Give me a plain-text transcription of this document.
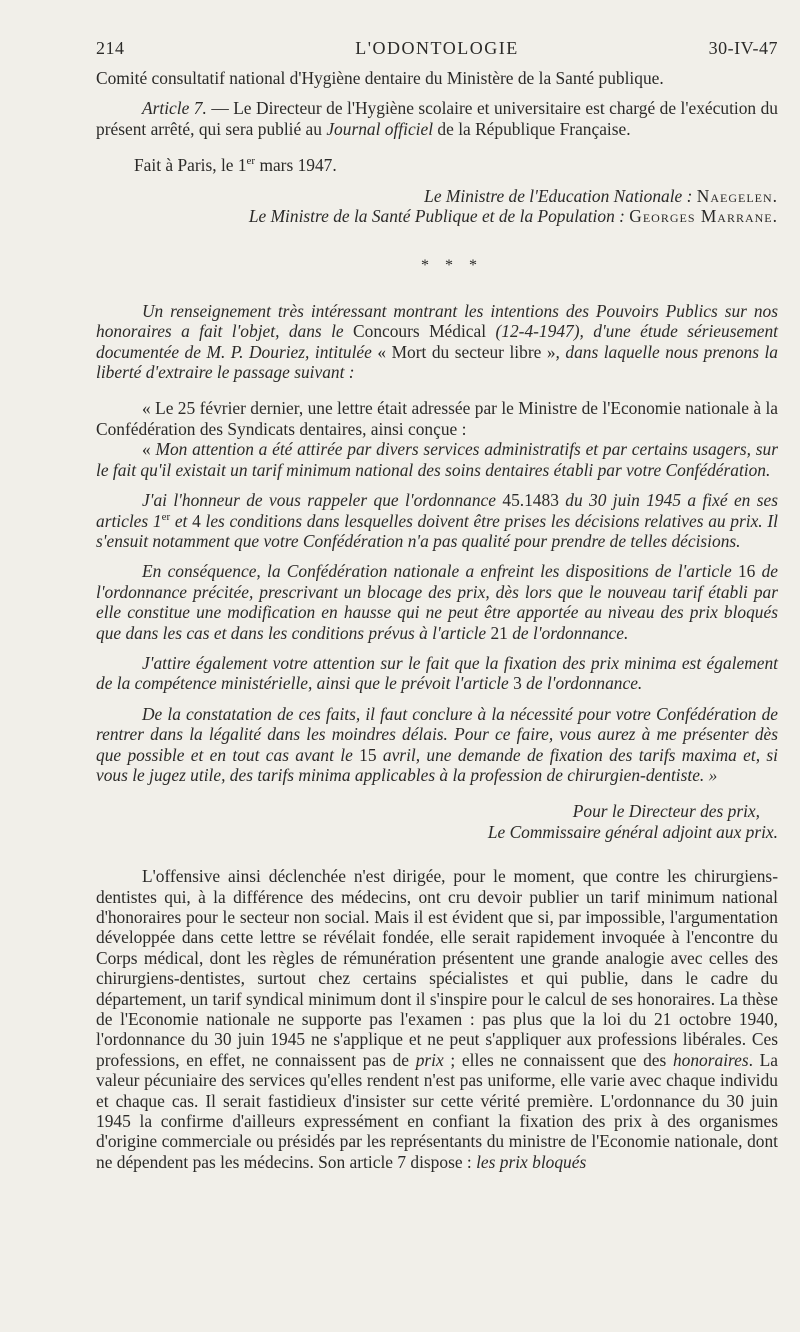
214	L'ODONTOLOGIE	30-IV-47

Comité consultatif national d'Hygiène dentaire du Ministère de la Santé publique.

Article 7. — Le Directeur de l'Hygiène scolaire et universitaire est chargé de l'exécution du présent arrêté, qui sera publié au Journal officiel de la République Française.

Fait à Paris, le 1er mars 1947.

Le Ministre de l'Education Nationale : Naegelen.

Le Ministre de la Santé Publique et de la Population : Georges Marrane.

* * *

Un renseignement très intéressant montrant les intentions des Pouvoirs Publics sur nos honoraires a fait l'objet, dans le Concours Médical (12-4-1947), d'une étude sérieusement documentée de M. P. Douriez, intitulée « Mort du secteur libre », dans laquelle nous prenons la liberté d'extraire le passage suivant :

« Le 25 février dernier, une lettre était adressée par le Ministre de l'Economie nationale à la Confédération des Syndicats dentaires, ainsi conçue :

« Mon attention a été attirée par divers services administratifs et par certains usagers, sur le fait qu'il existait un tarif minimum national des soins dentaires établi par votre Confédération.

J'ai l'honneur de vous rappeler que l'ordonnance 45.1483 du 30 juin 1945 a fixé en ses articles 1er et 4 les conditions dans lesquelles doivent être prises les décisions relatives au prix. Il s'ensuit notamment que votre Confédération n'a pas qualité pour prendre de telles décisions.

En conséquence, la Confédération nationale a enfreint les dispositions de l'article 16 de l'ordonnance précitée, prescrivant un blocage des prix, dès lors que le nouveau tarif établi par elle constitue une modification en hausse qui ne peut être apportée au niveau des prix bloqués que dans les cas et dans les conditions prévus à l'article 21 de l'ordonnance.

J'attire également votre attention sur le fait que la fixation des prix minima est également de la compétence ministérielle, ainsi que le prévoit l'article 3 de l'ordonnance.

De la constatation de ces faits, il faut conclure à la nécessité pour votre Confédération de rentrer dans la légalité dans les moindres délais. Pour ce faire, vous aurez à me présenter dès que possible et en tout cas avant le 15 avril, une demande de fixation des tarifs maxima et, si vous le jugez utile, des tarifs minima applicables à la profession de chirurgien-dentiste. »

Pour le Directeur des prix,

Le Commissaire général adjoint aux prix.

L'offensive ainsi déclenchée n'est dirigée, pour le moment, que contre les chirurgiens-dentistes qui, à la différence des médecins, ont cru devoir publier un tarif minimum national d'honoraires pour le secteur non social. Mais il est évident que si, par impossible, l'argumentation développée dans cette lettre se révélait fondée, elle serait rapidement invoquée à l'encontre du Corps médical, dont les règles de rémunération présentent une grande analogie avec celles des chirurgiens-dentistes, surtout chez certains spécialistes et qui publie, dans le cadre du département, un tarif syndical minimum dont il s'inspire pour le calcul de ses honoraires. La thèse de l'Economie nationale ne supporte pas l'examen : pas plus que la loi du 21 octobre 1940, l'ordonnance du 30 juin 1945 ne s'applique et ne peut s'appliquer aux professions libérales. Ces professions, en effet, ne connaissent pas de prix ; elles ne connaissent que des honoraires. La valeur pécuniaire des services qu'elles rendent n'est pas uniforme, elle varie avec chaque individu et chaque cas. Il serait fastidieux d'insister sur cette vérité première. L'ordonnance du 30 juin 1945 la confirme d'ailleurs expressément en confiant la fixation des prix à des organismes d'origine commerciale ou présidés par les représentants du ministre de l'Economie nationale, dont ne dépendent pas les médecins. Son article 7 dispose : les prix bloqués
